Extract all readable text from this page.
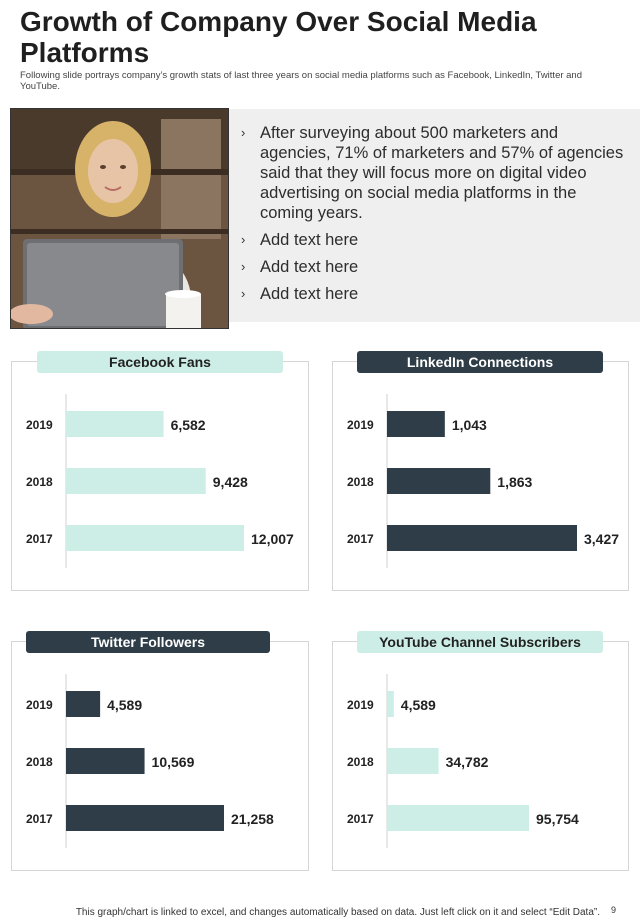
Growth of Company Over Social Media Platforms
Following slide portrays company’s growth stats of last three years on social media platforms such as Facebook, LinkedIn, Twitter and YouTube.
› After surveying about 500 marketers and agencies, 71% of marketers and 57% of agencies said that they will focus more on digital video advertising on social media platforms in the coming years.
› Add text here
› Add text here
› Add text here
Facebook Fans
2019	6,582
2018	9,428
2017	12,007
LinkedIn Connections
2019	1,043
2018	1,863
2017	3,427
Twitter Followers
2019	4,589
2018	10,569
2017	21,258
YouTube Channel Subscribers
2019 4,589
2018	34,782
2017	95,754
This graph/chart is linked to excel, and changes automatically based on data. Just left click on it and select “Edit Data”. 9
